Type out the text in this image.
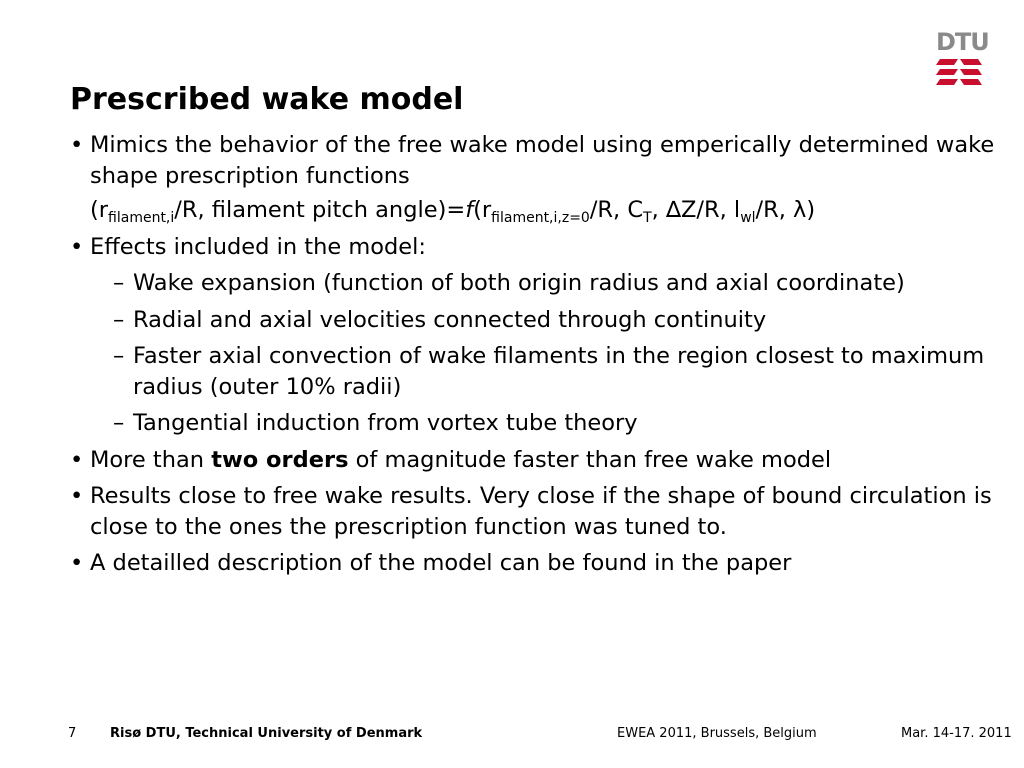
DTU
Prescribed wake model
• Mimics the behavior of the free wake model using emperically determined wake shape prescription functions
($r_{filament,i}/R$, filament pitch $angle)=f(r_{filament,i,z=0}/R$, $C_T$, ∆Z/R, $l_{wl}/R$, λ)
• Effects included in the model:
– Wake expansion (function of both origin radius and axial coordinate)
– Radial and axial velocities connected through continuity
– Faster axial convection of wake filaments in the region closest to maximum radius (outer 10% radii)
– Tangential induction from vortex tube theory
• More than two orders of magnitude faster than free wake model
• Results close to free wake results. Very close if the shape of bound circulation is close to the ones the prescription function was tuned to.
• A detailled description of the model can be found in the paper
7	Risø DTU, Technical University of Denmark	EWEA 2011, Brussels, Belgium	Mar. 14-17. 2011
